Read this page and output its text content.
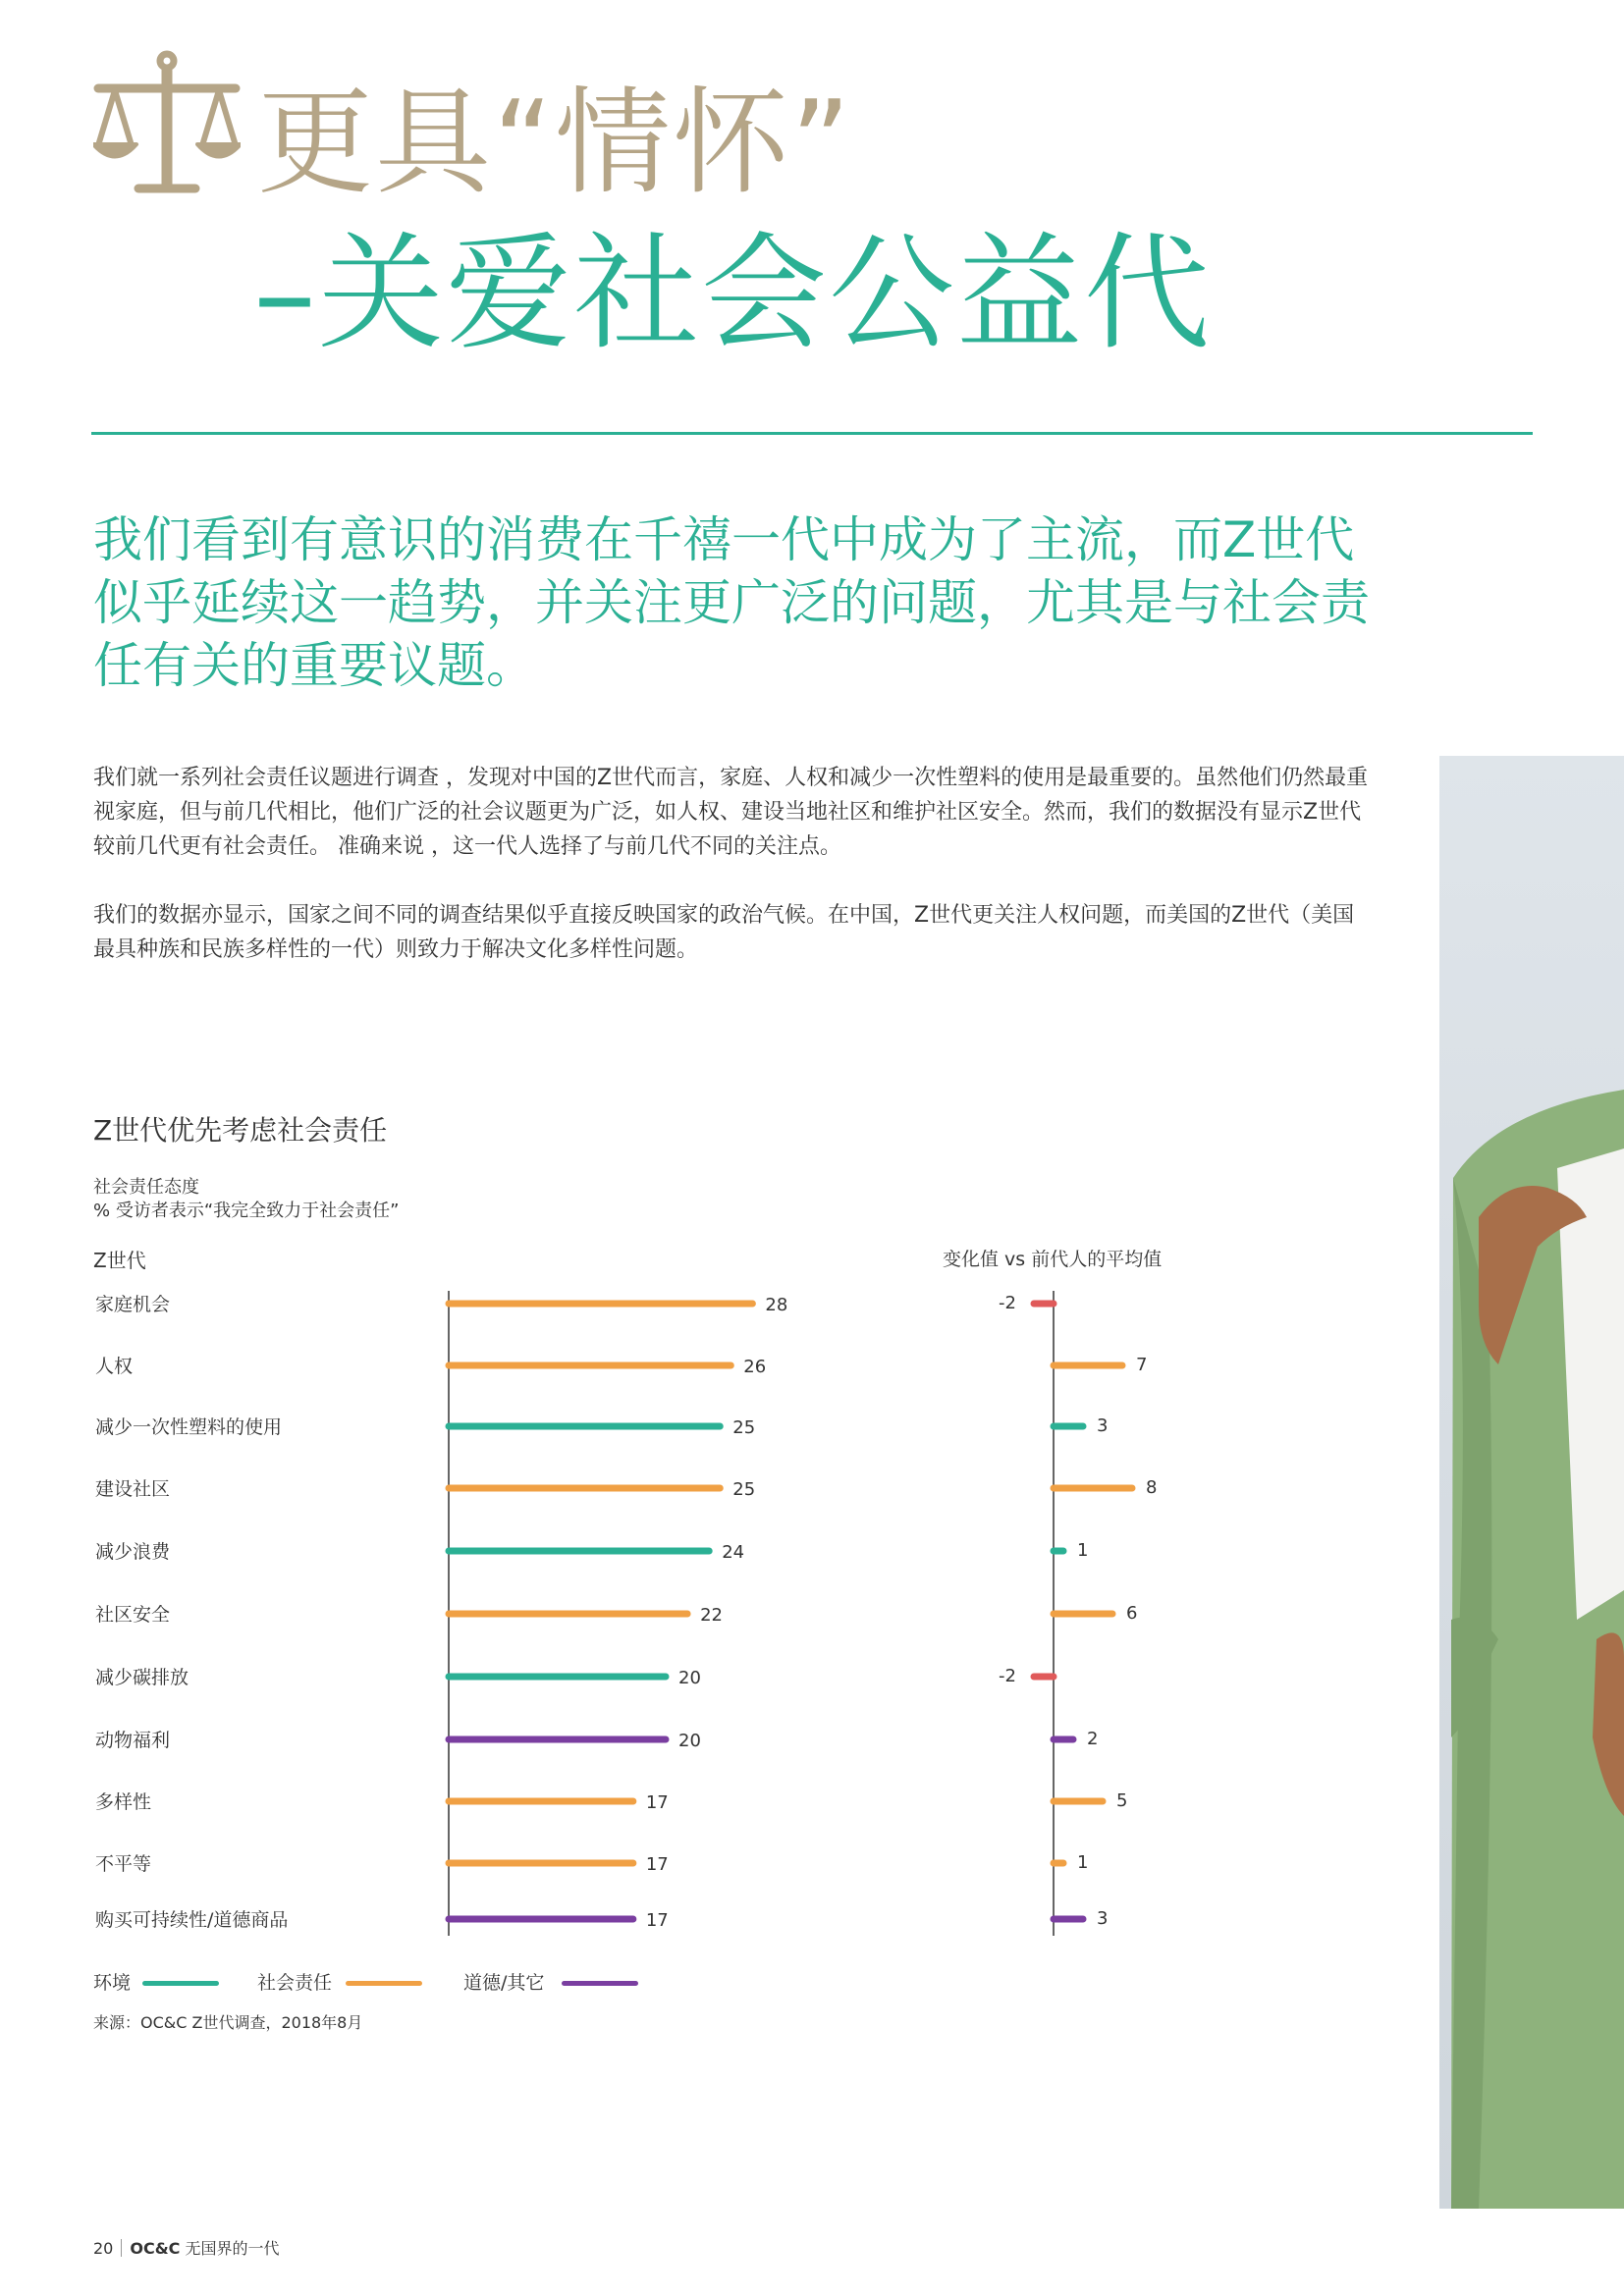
更具“情怀”
–关爱社会公益代
我们看到有意识的消费在千禧一代中成为了主流，而Z世代似乎延续这一趋势，并关注更广泛的问题，尤其是与社会责任有关的重要议题。
我们就一系列社会责任议题进行调查 ，发现对中国的Z世代而言，家庭、人权和减少一次性塑料的使用是最重要的。虽然他们仍然最重视家庭，但与前几代相比，他们广泛的社会议题更为广泛，如人权、建设当地社区和维护社区安全。然而，我们的数据没有显示Z世代较前几代更有社会责任。 准确来说 ，这一代人选择了与前几代不同的关注点。
我们的数据亦显示，国家之间不同的调查结果似乎直接反映国家的政治气候。在中国，Z世代更关注人权问题，而美国的Z世代（美国最具种族和民族多样性的一代）则致力于解决文化多样性问题。
Z世代优先考虑社会责任
社会责任态度
% 受访者表示“我完全致力于社会责任”
Z世代	变化值 vs 前代人的平均值
家庭机会	28	-2
人权	26	7
减少一次性塑料的使用	25	3
建设社区	25	8
减少浪费	24	1
社区安全	22	6
减少碳排放	20	-2
动物福利	20	2
多样性	17	5
不平等	17	1
购买可持续性/道德商品	17	3
环境	社会责任	道德/其它
来源：OC&C Z世代调查，2018年8月
20 OC&C 无国界的一代
